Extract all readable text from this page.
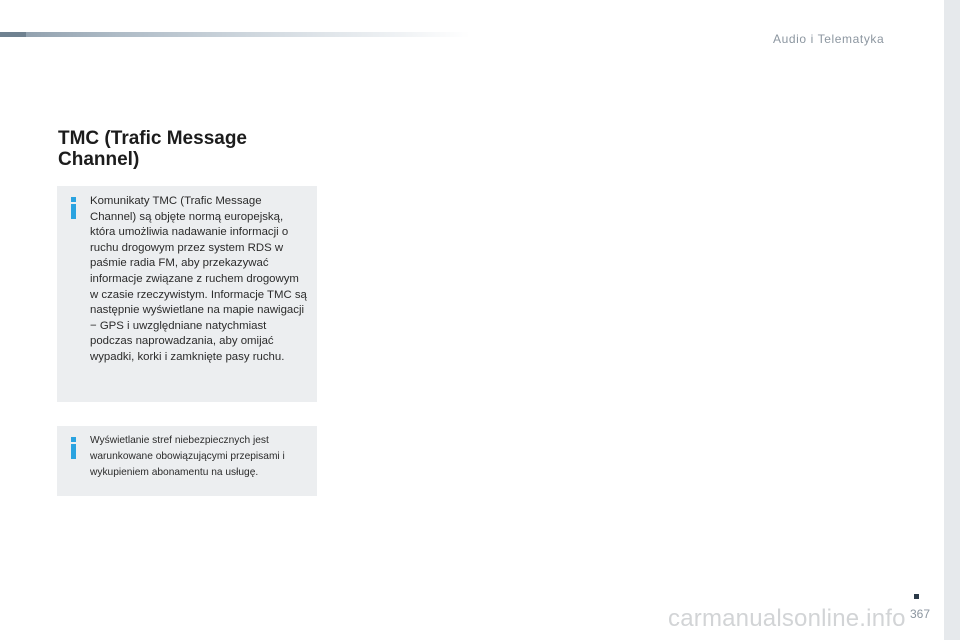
Audio i Telematyka
TMC (Trafic Message Channel)
Komunikaty TMC (Trafic Message Channel) są objęte normą europejską, która umożliwia nadawanie informacji o ruchu drogowym przez system RDS w paśmie radia FM, aby przekazywać informacje związane z ruchem drogowym w czasie rzeczywistym. Informacje TMC są następnie wyświetlane na mapie nawigacji − GPS i uwzględniane natychmiast podczas naprowadzania, aby omijać wypadki, korki i zamknięte pasy ruchu.
Wyświetlanie stref niebezpiecznych jest warunkowane obowiązującymi przepisami i wykupieniem abonamentu na usługę.
367
carmanualsonline.info
